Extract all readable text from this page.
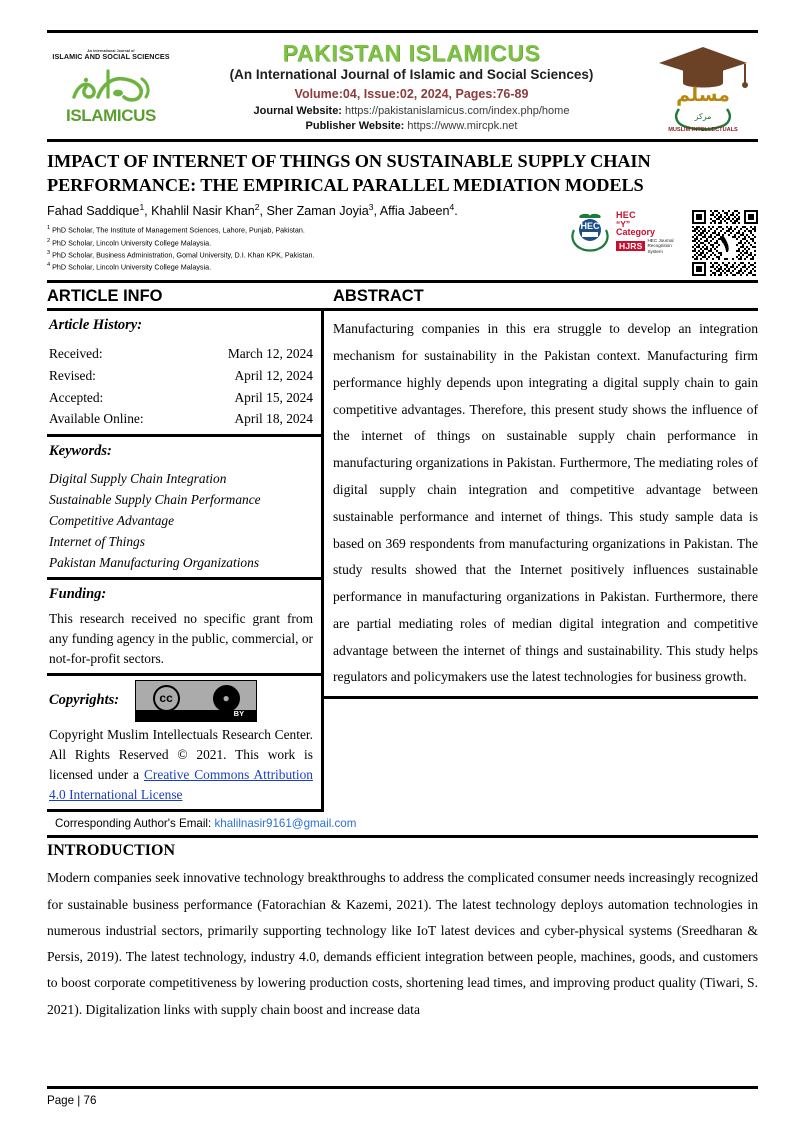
An International Journal of
ISLAMIC AND SOCIAL SCIENCES
ISLAMICUS
PAKISTAN ISLAMICUS
(An International Journal of Islamic and Social Sciences)
Volume:04, Issue:02, 2024, Pages:76-89
Journal Website: https://pakistanislamicus.com/index.php/home
Publisher Website: https://www.mircpk.net
مسلم
مركز
MUSLIM INTELLECTUALS
IMPACT OF INTERNET OF THINGS ON SUSTAINABLE SUPPLY CHAIN PERFORMANCE: THE EMPIRICAL PARALLEL MEDIATION MODELS
Fahad Saddique$^1$, Khahlil Nasir Khan$^2$, Sher Zaman Joyia$^3$, Affia Jabeen$^4$.
$^1$ PhD Scholar, The Institute of Management Sciences, Lahore, Punjab, Pakistan.
$^2$ PhD Scholar, Lincoln University College Malaysia.
$^3$ PhD Scholar, Business Administration, Gomal University, D.I. Khan KPK, Pakistan.
$^4$ PhD Scholar, Lincoln University College Malaysia.
HEC
HEC
“Y”
Category
HJRS
HEC Journal
Recognition System
ARTICLE INFO
Article History:
Received:	March 12, 2024
Revised:	April 12, 2024
Accepted:	April 15, 2024
Available Online:	April 18, 2024
Keywords:
Digital Supply Chain Integration
Sustainable Supply Chain Performance
Competitive Advantage
Internet of Things
Pakistan Manufacturing Organizations
Funding:
This research received no specific grant from any funding agency in the public, commercial, or not-for-profit sectors.
Copyrights:	cc	●
BY
Copyright Muslim Intellectuals Research Center. All Rights Reserved © 2021. This work is licensed under a Creative Commons Attribution 4.0 International License
ABSTRACT
Manufacturing companies in this era struggle to develop an integration mechanism for sustainability in the Pakistan context. Manufacturing firm performance highly depends upon integrating a digital supply chain to gain competitive advantages. Therefore, this present study shows the influence of the internet of things on sustainable supply chain performance in manufacturing organizations in Pakistan. Furthermore, The mediating roles of digital supply chain integration and competitive advantage between sustainable performance and internet of things. This study sample data is based on 369 respondents from manufacturing organizations in Pakistan. The study results showed that the Internet positively influences sustainable performance in manufacturing organizations in Pakistan. Furthermore, there are partial mediating roles of median digital integration and competitive advantage between the internet of things and sustainability. This study helps regulators and policymakers use the latest technologies for business growth.
Corresponding Author's Email: khalilnasir9161@gmail.com
INTRODUCTION
Modern companies seek innovative technology breakthroughs to address the complicated consumer needs increasingly recognized for sustainable business performance (Fatorachian & Kazemi, 2021). The latest technology deploys automation technologies in numerous industrial sectors, primarily supporting technology like IoT latest devices and cyber-physical systems (Sreedharan & Persis, 2019). The latest technology, industry 4.0, demands efficient integration between people, machines, goods, and customers to boost corporate competitiveness by lowering production costs, shortening lead times, and improving product quality (Tiwari, S. 2021). Digitalization links with supply chain boost and increase data
Page | 76
